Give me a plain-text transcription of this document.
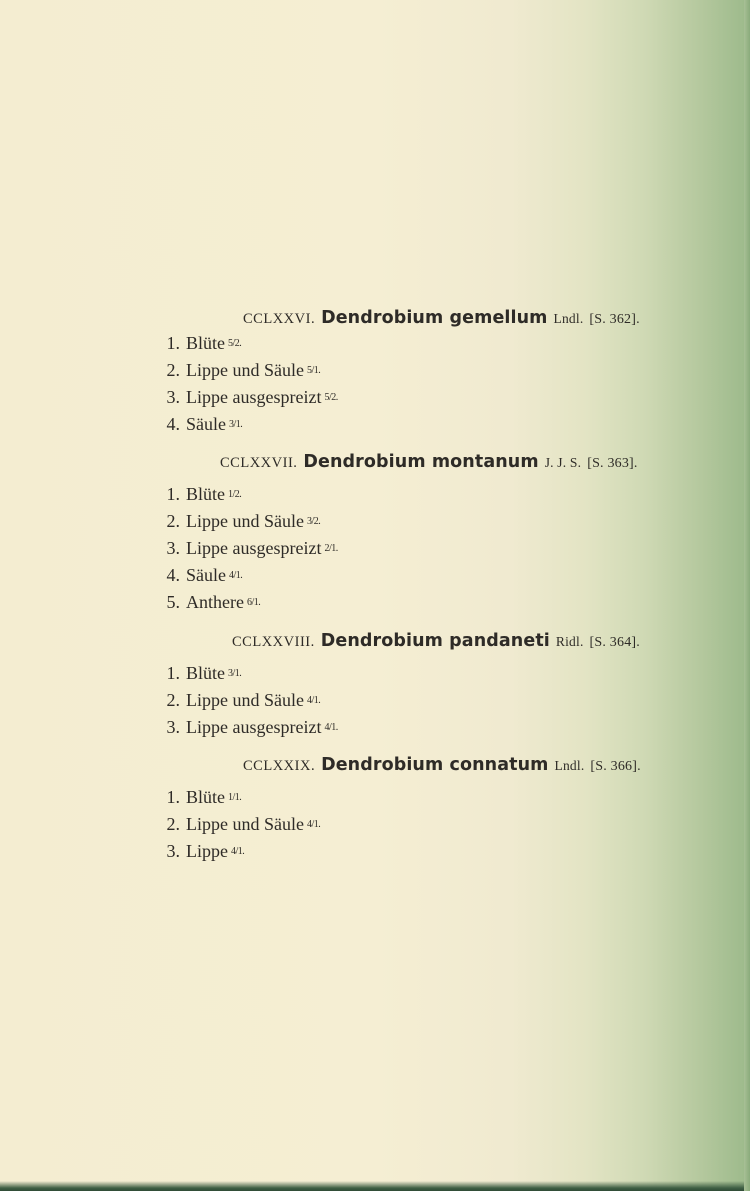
CCLXXVI. Dendrobium gemellum Lndl. [S. 362].
1. Blüte 5/2.
2. Lippe und Säule 5/1.
3. Lippe ausgespreizt 5/2.
4. Säule 3/1.
CCLXXVII. Dendrobium montanum J. J. S. [S. 363].
1. Blüte 1/2.
2. Lippe und Säule 3/2.
3. Lippe ausgespreizt 2/1.
4. Säule 4/1.
5. Anthere 6/1.
CCLXXVIII. Dendrobium pandaneti Ridl. [S. 364].
1. Blüte 3/1.
2. Lippe und Säule 4/1.
3. Lippe ausgespreizt 4/1.
CCLXXIX. Dendrobium connatum Lndl. [S. 366].
1. Blüte 1/1.
2. Lippe und Säule 4/1.
3. Lippe 4/1.
